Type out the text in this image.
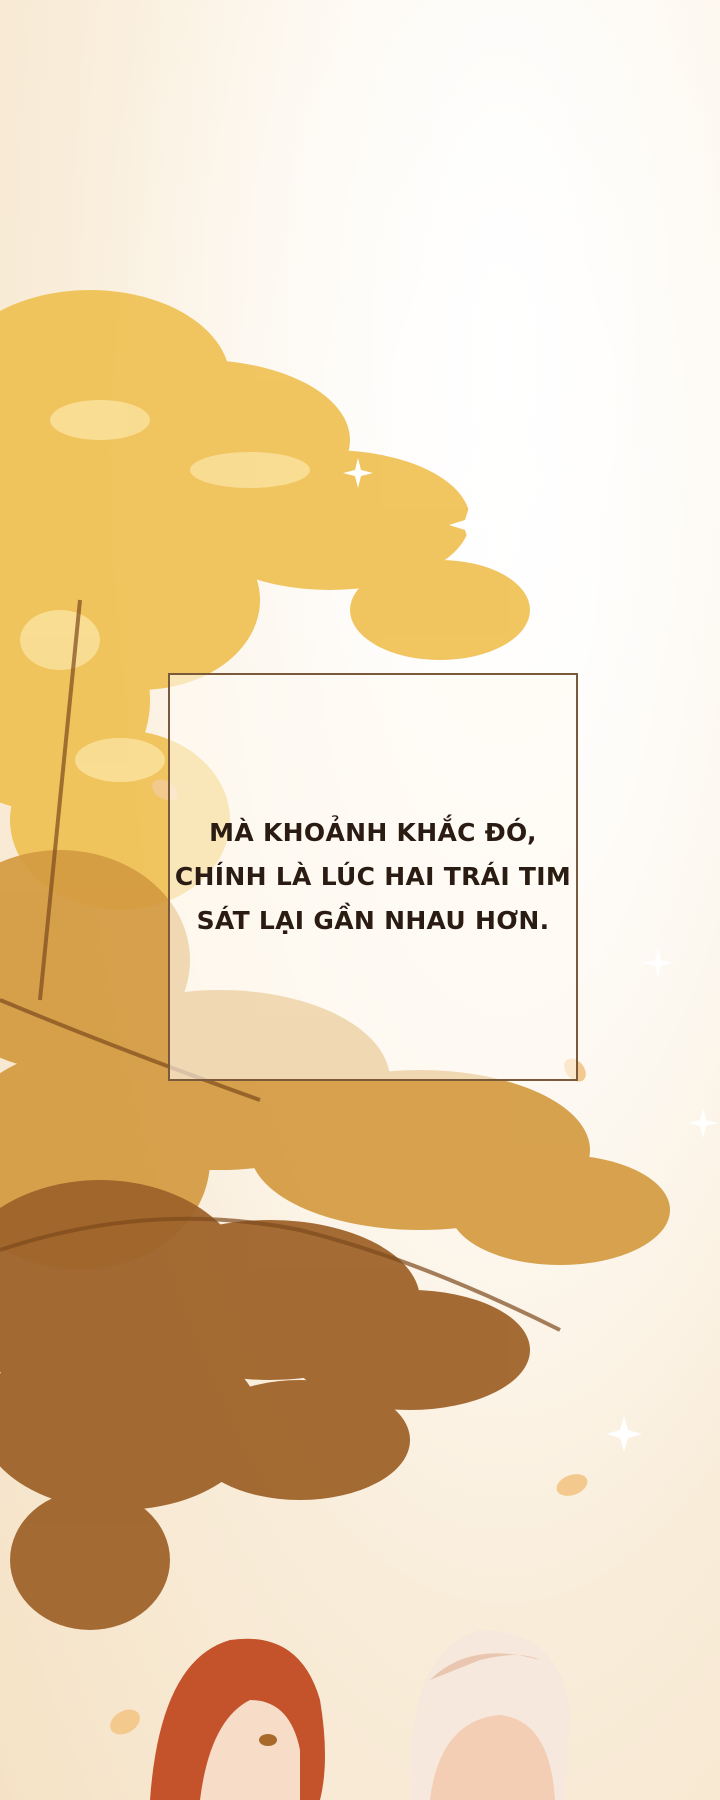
MÀ KHOẢNH KHẮC ĐÓ,
CHÍNH LÀ LÚC HAI TRÁI TIM
SÁT LẠI GẦN NHAU HƠN.
